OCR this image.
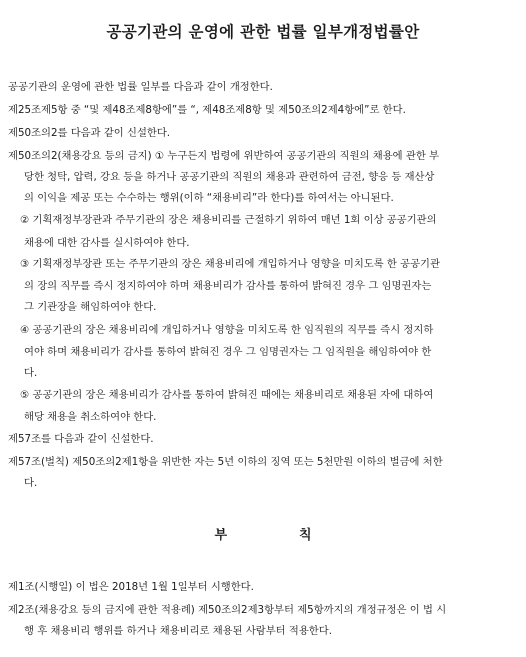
공공기관의 운영에 관한 법률 일부개정법률안
공공기관의 운영에 관한 법률 일부를 다음과 같이 개정한다.
제25조제5항 중 “및 제48조제8항에”를 “, 제48조제8항 및 제50조의2제4항에”로 한다.
제50조의2를 다음과 같이 신설한다.
제50조의2(채용강요 등의 금지) ① 누구든지 법령에 위반하여 공공기관의 직원의 채용에 관한 부
당한 청탁, 압력, 강요 등을 하거나 공공기관의 직원의 채용과 관련하여 금전, 향응 등 재산상
의 이익을 제공 또는 수수하는 행위(이하 “채용비리”라 한다)를 하여서는 아니된다.
② 기획재정부장관과 주무기관의 장은 채용비리를 근절하기 위하여 매년 1회 이상 공공기관의
채용에 대한 감사를 실시하여야 한다.
③ 기획재정부장관 또는 주무기관의 장은 채용비리에 개입하거나 영향을 미치도록 한 공공기관
의 장의 직무를 즉시 정지하여야 하며 채용비리가 감사를 통하여 밝혀진 경우 그 임명권자는
그 기관장을 해임하여야 한다.
④ 공공기관의 장은 채용비리에 개입하거나 영향을 미치도록 한 임직원의 직무를 즉시 정지하
여야 하며 채용비리가 감사를 통하여 밝혀진 경우 그 임명권자는 그 임직원을 해임하여야 한
다.
⑤ 공공기관의 장은 채용비리가 감사를 통하여 밝혀진 때에는 채용비리로 채용된 자에 대하여
해당 채용을 취소하여야 한다.
제57조를 다음과 같이 신설한다.
제57조(벌칙) 제50조의2제1항을 위반한 자는 5년 이하의 징역 또는 5천만원 이하의 벌금에 처한
다.
부칙
제1조(시행일) 이 법은 2018년 1월 1일부터 시행한다.
제2조(채용강요 등의 금지에 관한 적용례) 제50조의2제3항부터 제5항까지의 개정규정은 이 법 시
행 후 채용비리 행위를 하거나 채용비리로 채용된 사람부터 적용한다.
